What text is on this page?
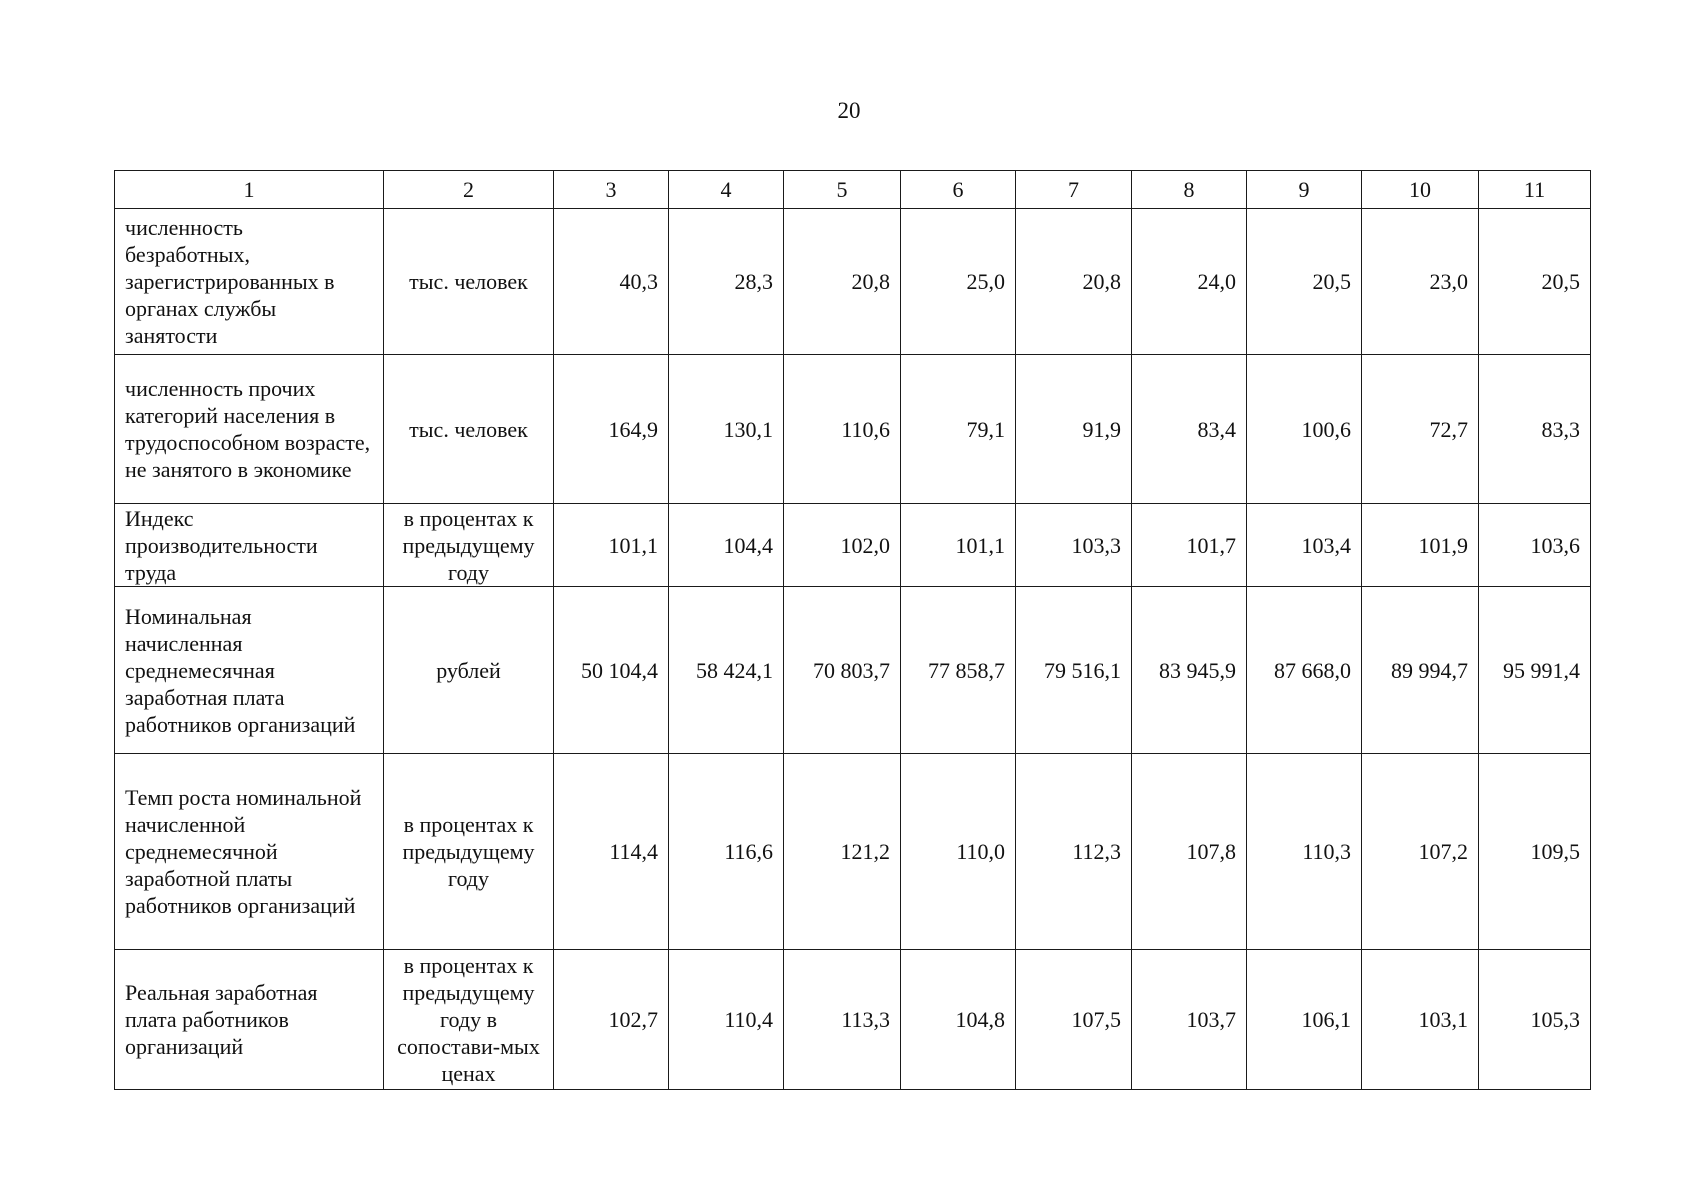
20
1	2	3	4	5	6	7	8	9	10	11
численность безработных, зарегистрированных в органах службы занятости	тыс. человек	40,3	28,3	20,8	25,0	20,8	24,0	20,5	23,0	20,5
численность прочих категорий населения в трудоспособном возрасте, не занятого в экономике	тыс. человек	164,9	130,1	110,6	79,1	91,9	83,4	100,6	72,7	83,3
Индекс производительности труда	в процентах к предыдущему году	101,1	104,4	102,0	101,1	103,3	101,7	103,4	101,9	103,6
Номинальная начисленная среднемесячная заработная плата работников организаций	рублей	50 104,4	58 424,1	70 803,7	77 858,7	79 516,1	83 945,9	87 668,0	89 994,7	95 991,4
Темп роста номинальной начисленной среднемесячной заработной платы работников организаций	в процентах к предыдущему году	114,4	116,6	121,2	110,0	112,3	107,8	110,3	107,2	109,5
Реальная заработная плата работников организаций	в процентах к предыдущему году в сопостави-мых ценах	102,7	110,4	113,3	104,8	107,5	103,7	106,1	103,1	105,3
